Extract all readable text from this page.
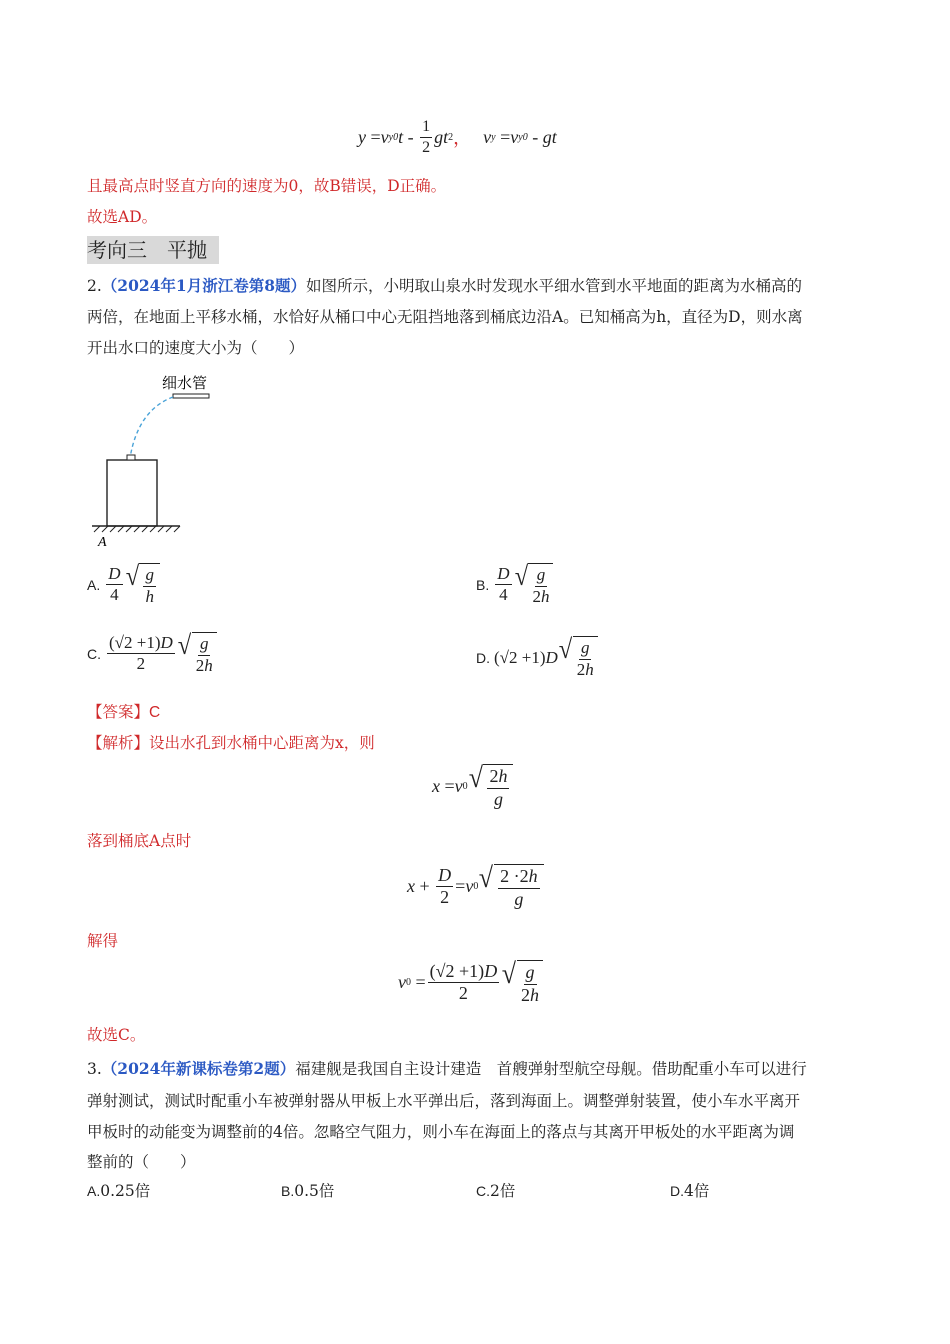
y = v y0 t - $\frac{1}{2}$ gt 2 ， v y = v y0 - gt
且最高点时竖直方向的速度为0，故B错误，D正确。
故选AD。
考向三　平抛
2.（2024年1月浙江卷第8题）如图所示，小明取山泉水时发现水平细水管到水平地面的距离为水桶高的
两倍，在地面上平移水桶，水恰好从桶口中心无阻挡地落到桶底边沿A。已知桶高为h，直径为D，则水离
开出水口的速度大小为（　　）
细水管
A
A. $\frac{D}{4}$ √ $\frac{g}{h}$	B. $\frac{D}{4}$ √ $\frac{g}{2h}$
C. $\frac{(√2 +1)D}{2}$ √ $\frac{g}{2h}$	D. (√2 +1)D √ $\frac{g}{2h}$
【答案】C
【解析】设出水孔到水桶中心距离为x，则
x = v 0 √ $\frac{2h}{g}$
落到桶底A点时
$x + \frac{D}{2} = v$ 0 √ $\frac{2 \cdot 2h}{g}$
解得
v $0 = \frac{(√2 +1)D}{2}$ √ $\frac{g}{2h}$
故选C。
3.（2024年新课标卷第2题）福建舰是我国自主设计建造　首艘弹射型航空母舰。借助配重小车可以进行
弹射测试，测试时配重小车被弹射器从甲板上水平弹出后，落到海面上。调整弹射装置，使小车水平离开
甲板时的动能变为调整前的4倍。忽略空气阻力，则小车在海面上的落点与其离开甲板处的水平距离为调
整前的（　　）
A.0.25倍	B.0.5倍	C.2倍	D.4倍
